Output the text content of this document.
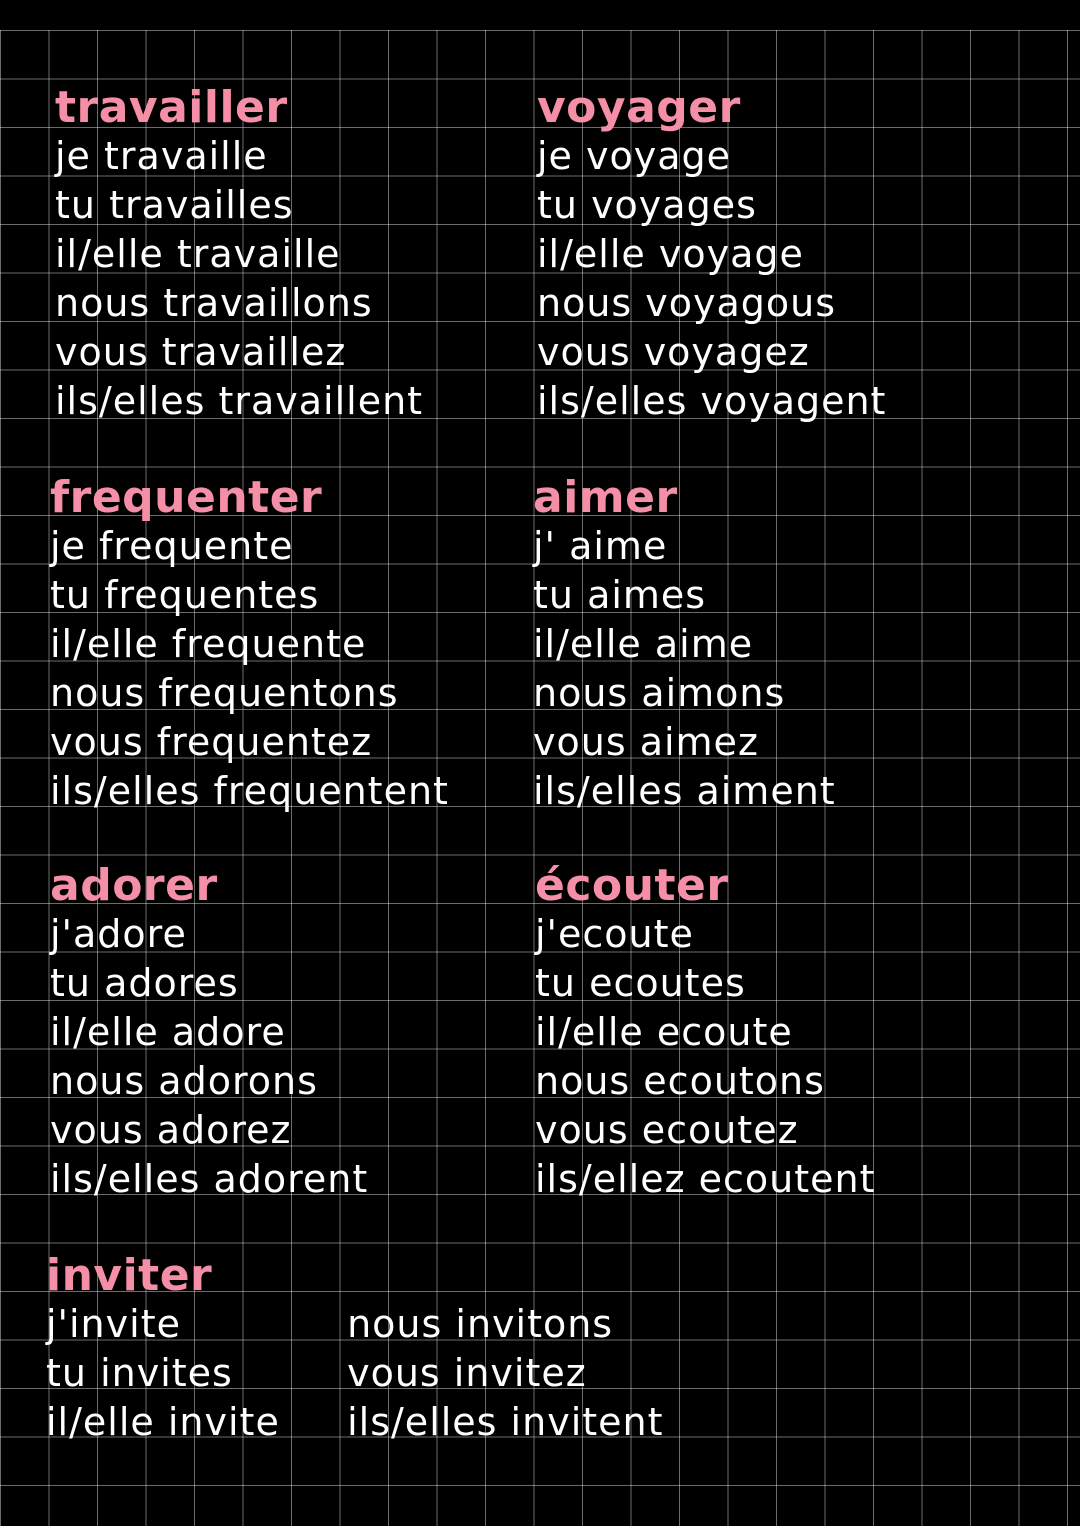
travailler
je travaille
tu travailles
il/elle travaille
nous travaillons
vous travaillez
ils/elles travaillent
voyager
je voyage
tu voyages
il/elle voyage
nous voyagous
vous voyagez
ils/elles voyagent
frequenter
je frequente
tu frequentes
il/elle frequente
nous frequentons
vous frequentez
ils/elles frequentent
aimer
j' aime
tu aimes
il/elle aime
nous aimons
vous aimez
ils/elles aiment
adorer
j'adore
tu adores
il/elle adore
nous adorons
vous adorez
ils/elles adorent
écouter
j'ecoute
tu ecoutes
il/elle ecoute
nous ecoutons
vous ecoutez
ils/ellez ecoutent
inviter
j'invite
tu invites
il/elle invite

nous invitons
vous invitez
ils/elles invitent
